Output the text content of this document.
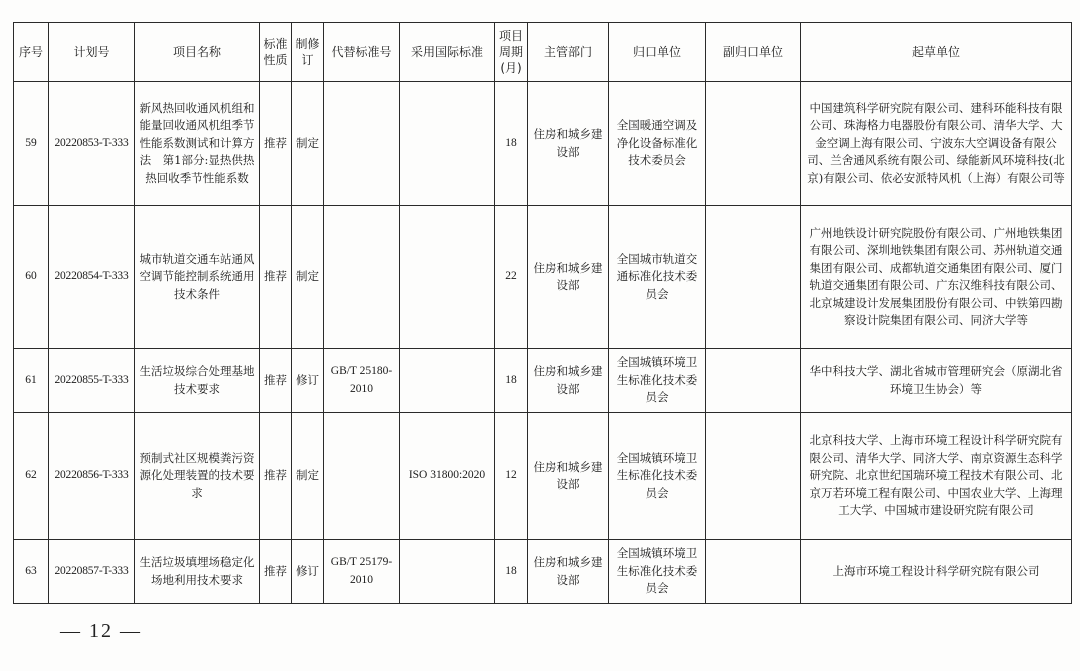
序号	计划号	项目名称	标准性质	制修订	代替标准号	采用国际标准	项目周期(月)	主管部门	归口单位	副归口单位	起草单位
59	20220853-T-333	新风热回收通风机组和能量回收通风机组季节性能系数测试和计算方法　第1部分:显热供热热回收季节性能系数	推荐	制定			18	住房和城乡建设部	全国暖通空调及净化设备标准化技术委员会		中国建筑科学研究院有限公司、建科环能科技有限公司、珠海格力电器股份有限公司、清华大学、大金空调上海有限公司、宁波东大空调设备有限公司、兰舍通风系统有限公司、绿能新风环境科技(北京)有限公司、依必安派特风机（上海）有限公司等
60	20220854-T-333	城市轨道交通车站通风空调节能控制系统通用技术条件	推荐	制定			22	住房和城乡建设部	全国城市轨道交通标准化技术委员会		广州地铁设计研究院股份有限公司、广州地铁集团有限公司、深圳地铁集团有限公司、苏州轨道交通集团有限公司、成都轨道交通集团有限公司、厦门轨道交通集团有限公司、广东汉维科技有限公司、北京城建设计发展集团股份有限公司、中铁第四勘察设计院集团有限公司、同济大学等
61	20220855-T-333	生活垃圾综合处理基地技术要求	推荐	修订	GB/T 25180-2010		18	住房和城乡建设部	全国城镇环境卫生标准化技术委员会		华中科技大学、湖北省城市管理研究会（原湖北省环境卫生协会）等
62	20220856-T-333	预制式社区规模粪污资源化处理装置的技术要求	推荐	制定		ISO 31800:2020	12	住房和城乡建设部	全国城镇环境卫生标准化技术委员会		北京科技大学、上海市环境工程设计科学研究院有限公司、清华大学、同济大学、南京资源生态科学研究院、北京世纪国瑞环境工程技术有限公司、北京万若环境工程有限公司、中国农业大学、上海理工大学、中国城市建设研究院有限公司
63	20220857-T-333	生活垃圾填埋场稳定化场地利用技术要求	推荐	修订	GB/T 25179-2010		18	住房和城乡建设部	全国城镇环境卫生标准化技术委员会		上海市环境工程设计科学研究院有限公司
— 12 —
